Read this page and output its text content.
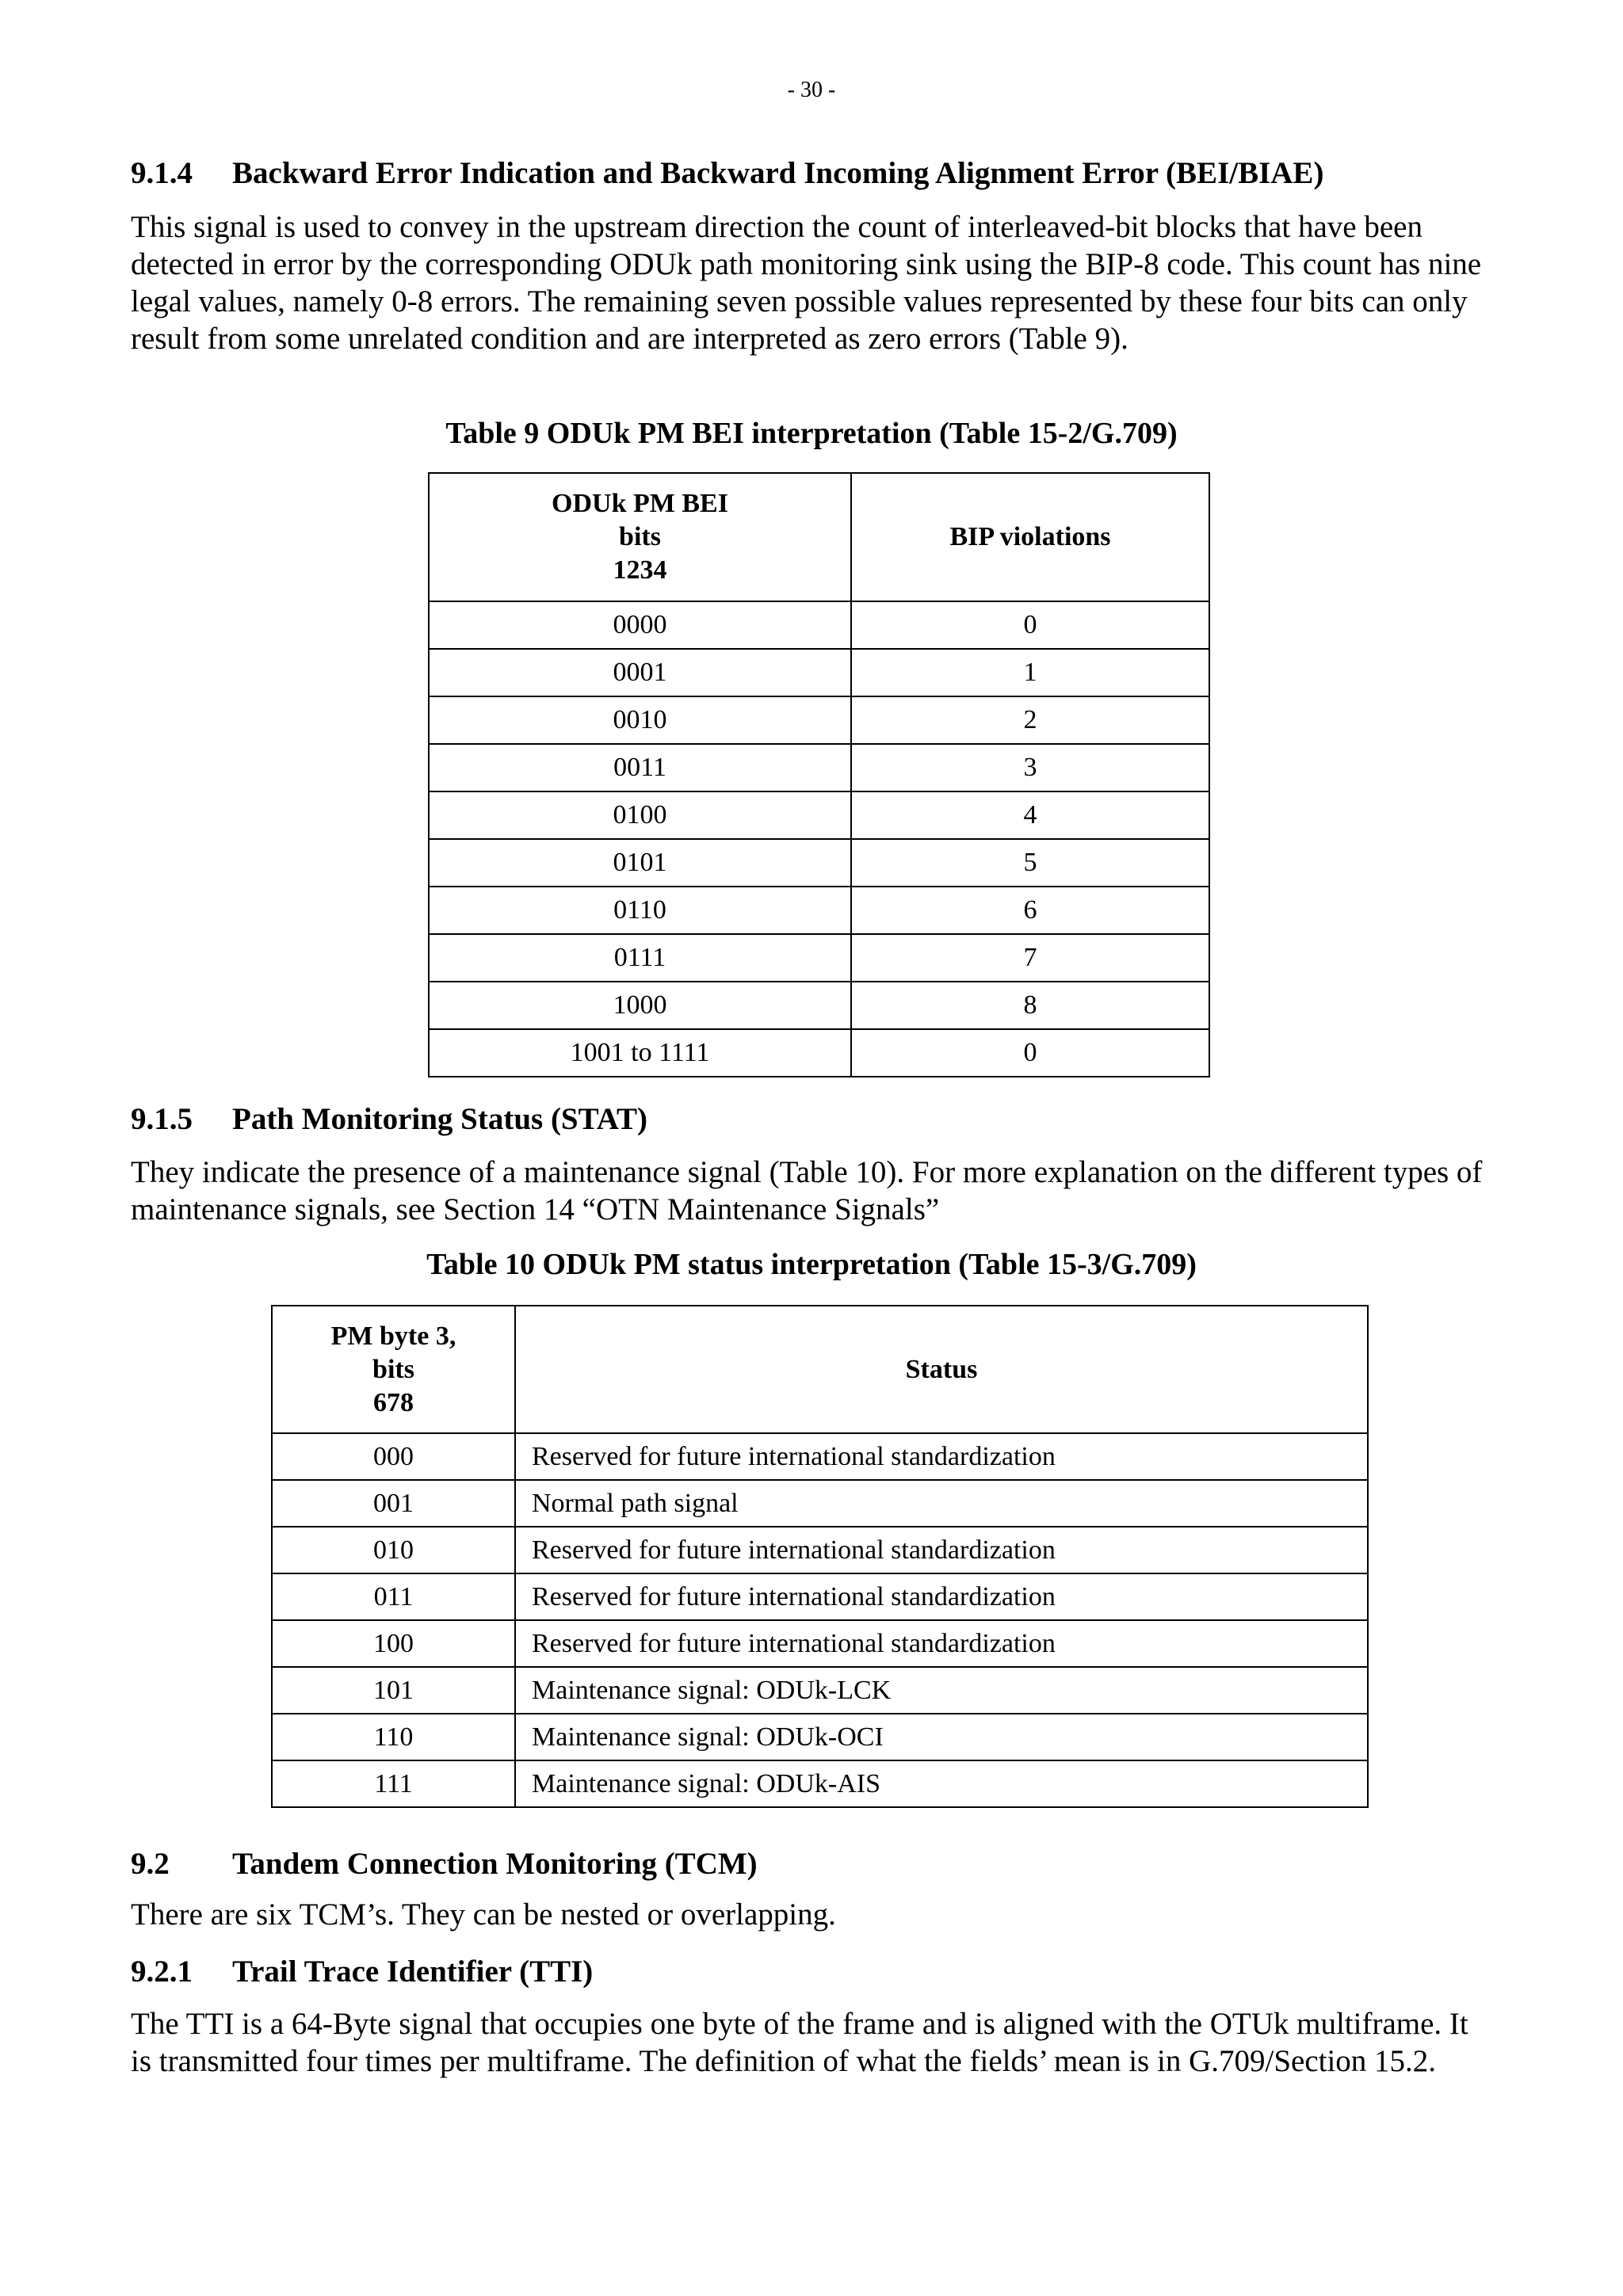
- 30 -
9.1.4 Backward Error Indication and Backward Incoming Alignment Error (BEI/BIAE)

This signal is used to convey in the upstream direction the count of interleaved-bit blocks that have been detected in error by the corresponding ODUk path monitoring sink using the BIP-8 code. This count has nine legal values, namely 0-8 errors. The remaining seven possible values represented by these four bits can only result from some unrelated condition and are interpreted as zero errors (Table 9).

Table 9 ODUk PM BEI interpretation (Table 15-2/G.709)
ODUk PM BEI
bits
1234	BIP violations
0000	0
0001	1
0010	2
0011	3
0100	4
0101	5
0110	6
0111	7
1000	8
1001 to 1111	0
9.1.5 Path Monitoring Status (STAT)

They indicate the presence of a maintenance signal (Table 10). For more explanation on the different types of maintenance signals, see Section 14 “OTN Maintenance Signals”

Table 10 ODUk PM status interpretation (Table 15-3/G.709)
PM byte 3,
bits
678	Status
000	Reserved for future international standardization
001	Normal path signal
010	Reserved for future international standardization
011	Reserved for future international standardization
100	Reserved for future international standardization
101	Maintenance signal: ODUk-LCK
110	Maintenance signal: ODUk-OCI
111	Maintenance signal: ODUk-AIS
9.2 Tandem Connection Monitoring (TCM)

There are six TCM’s. They can be nested or overlapping.

9.2.1 Trail Trace Identifier (TTI)

The TTI is a 64-Byte signal that occupies one byte of the frame and is aligned with the OTUk multiframe. It is transmitted four times per multiframe. The definition of what the fields’ mean is in G.709/Section 15.2.
